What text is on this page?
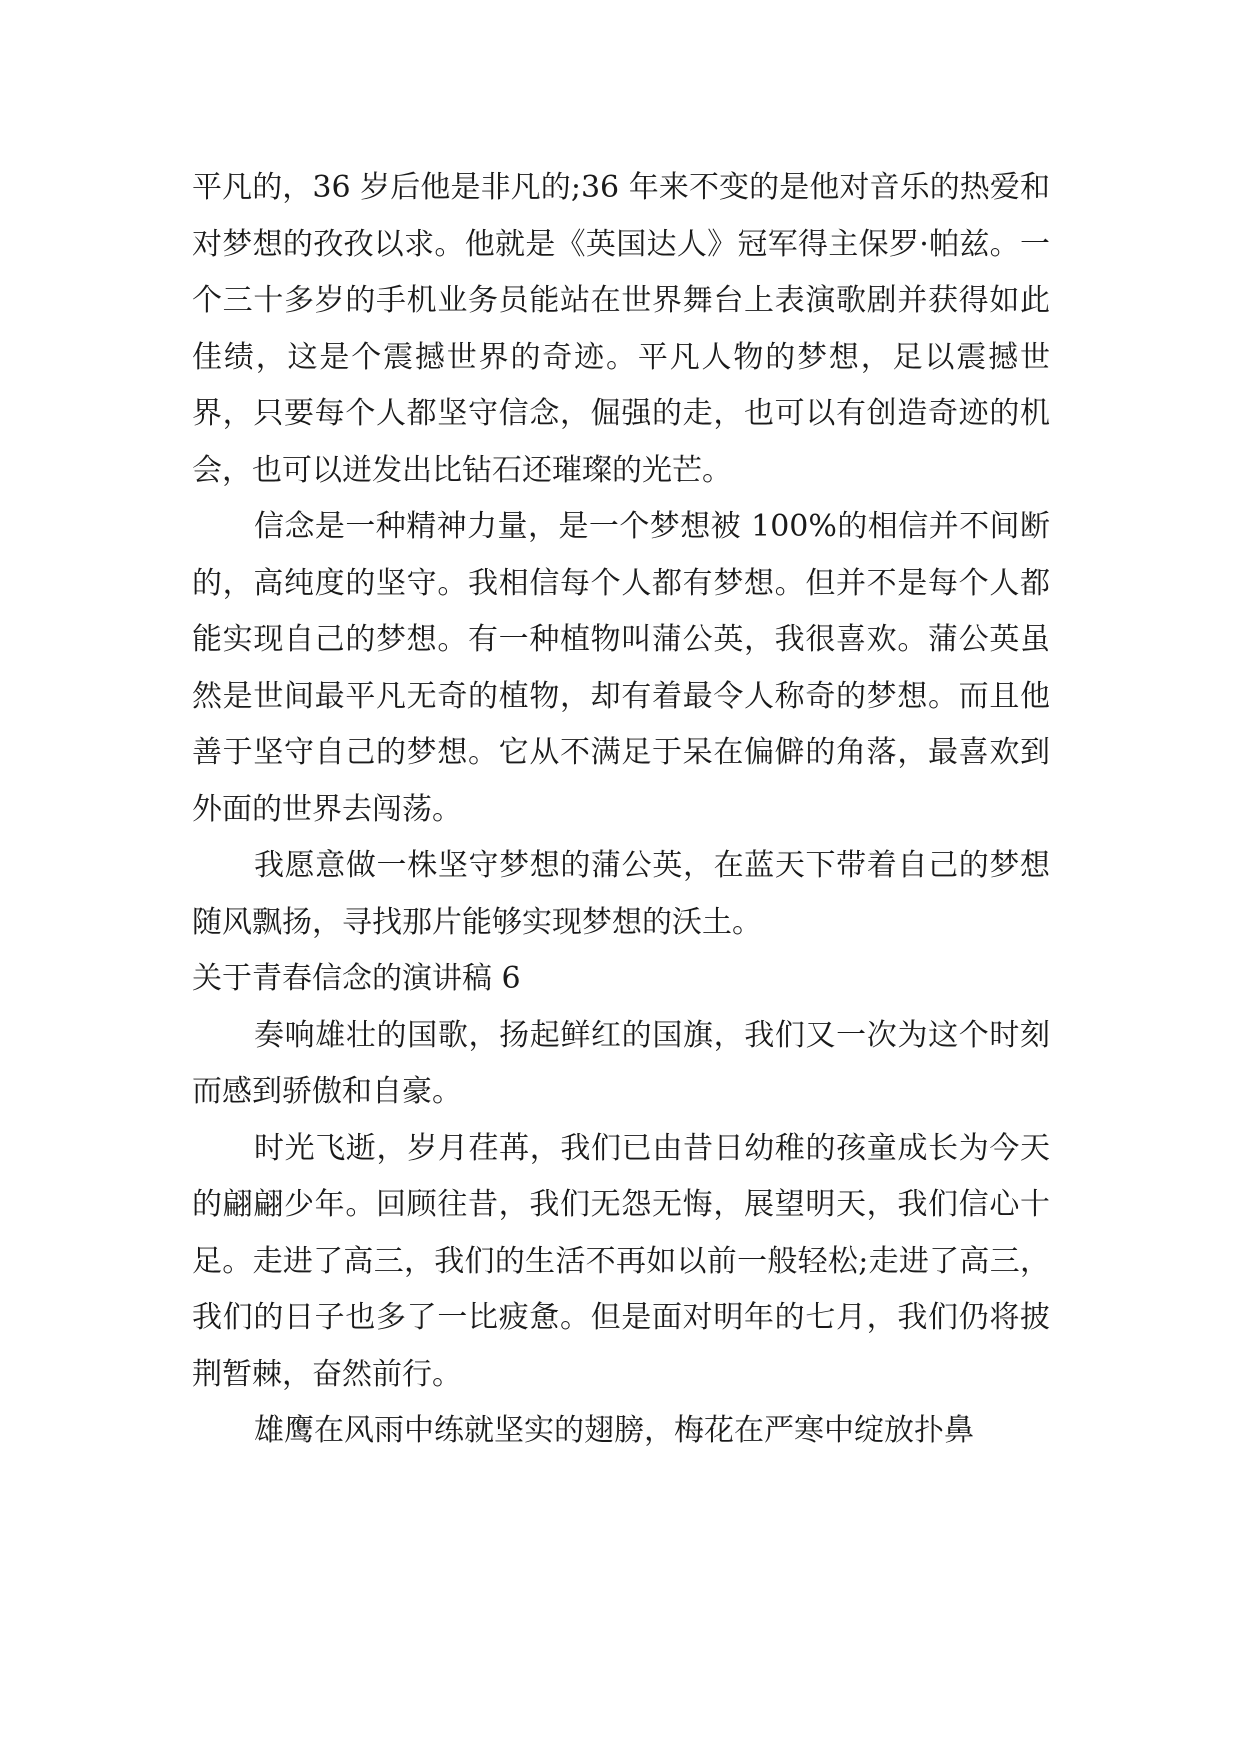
平凡的，36 岁后他是非凡的;36 年来不变的是他对音乐的热爱和对梦想的孜孜以求。他就是《英国达人》冠军得主保罗·帕兹。一个三十多岁的手机业务员能站在世界舞台上表演歌剧并获得如此佳绩，这是个震撼世界的奇迹。平凡人物的梦想，足以震撼世界，只要每个人都坚守信念，倔强的走，也可以有创造奇迹的机会，也可以迸发出比钻石还璀璨的光芒。

信念是一种精神力量，是一个梦想被 100%的相信并不间断的，高纯度的坚守。我相信每个人都有梦想。但并不是每个人都能实现自己的梦想。有一种植物叫蒲公英，我很喜欢。蒲公英虽然是世间最平凡无奇的植物，却有着最令人称奇的梦想。而且他善于坚守自己的梦想。它从不满足于呆在偏僻的角落，最喜欢到外面的世界去闯荡。

我愿意做一株坚守梦想的蒲公英，在蓝天下带着自己的梦想随风飘扬，寻找那片能够实现梦想的沃土。

关于青春信念的演讲稿 6

奏响雄壮的国歌，扬起鲜红的国旗，我们又一次为这个时刻而感到骄傲和自豪。

时光飞逝，岁月荏苒，我们已由昔日幼稚的孩童成长为今天的翩翩少年。回顾往昔，我们无怨无悔，展望明天，我们信心十足。走进了高三，我们的生活不再如以前一般轻松;走进了高三，我们的日子也多了一比疲惫。但是面对明年的七月，我们仍将披荆暂棘，奋然前行。

雄鹰在风雨中练就坚实的翅膀，梅花在严寒中绽放扑鼻
